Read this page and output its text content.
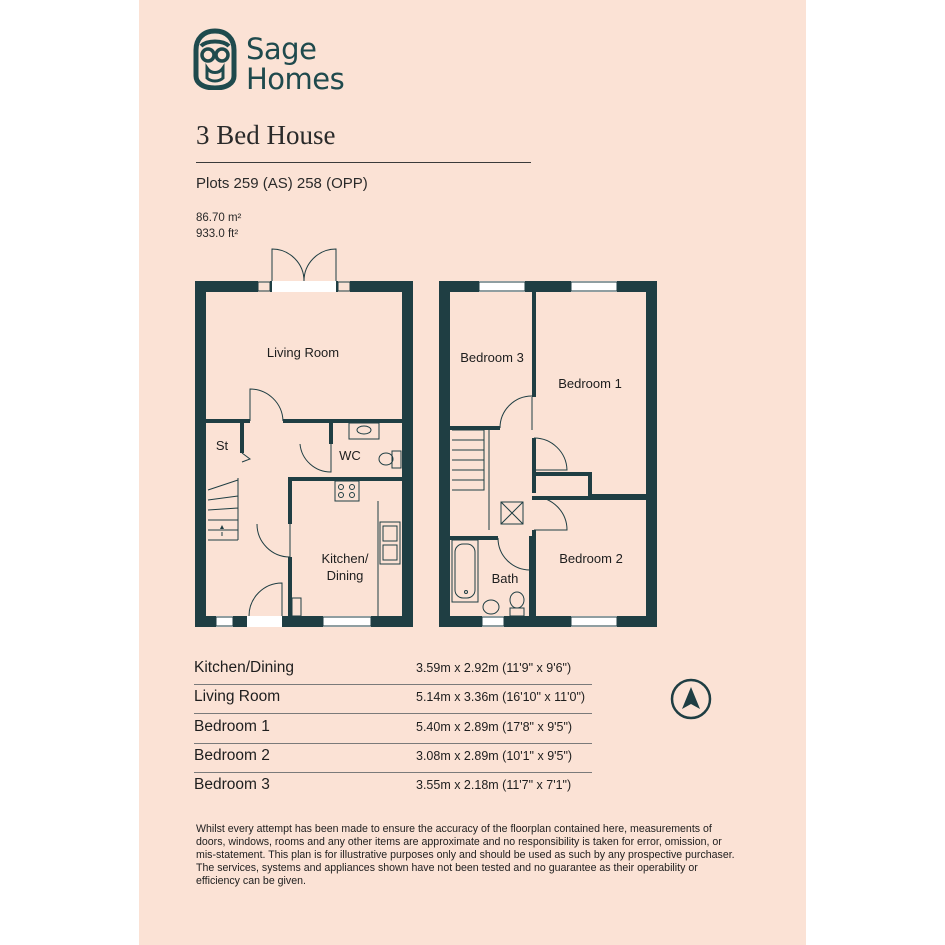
Sage
Homes
3 Bed House
Plots 259 (AS) 258 (OPP)
86.70 m²
933.0 ft²
Living Room
St
WC
Kitchen/
Dining
Bedroom 3
Bedroom 1
Bedroom 2
Bath
Kitchen/Dining	3.59m x 2.92m (11'9" x 9'6")
Living Room	5.14m x 3.36m (16'10" x 11'0")
Bedroom 1	5.40m x 2.89m (17'8" x 9'5")
Bedroom 2	3.08m x 2.89m (10'1" x 9'5")
Bedroom 3	3.55m x 2.18m (11'7" x 7'1")
Whilst every attempt has been made to ensure the accuracy of the floorplan contained here, measurements of doors, windows, rooms and any other items are approximate and no responsibility is taken for error, omission, or mis-statement. This plan is for illustrative purposes only and should be used as such by any prospective purchaser. The services, systems and appliances shown have not been tested and no guarantee as their operability or efficiency can be given.
